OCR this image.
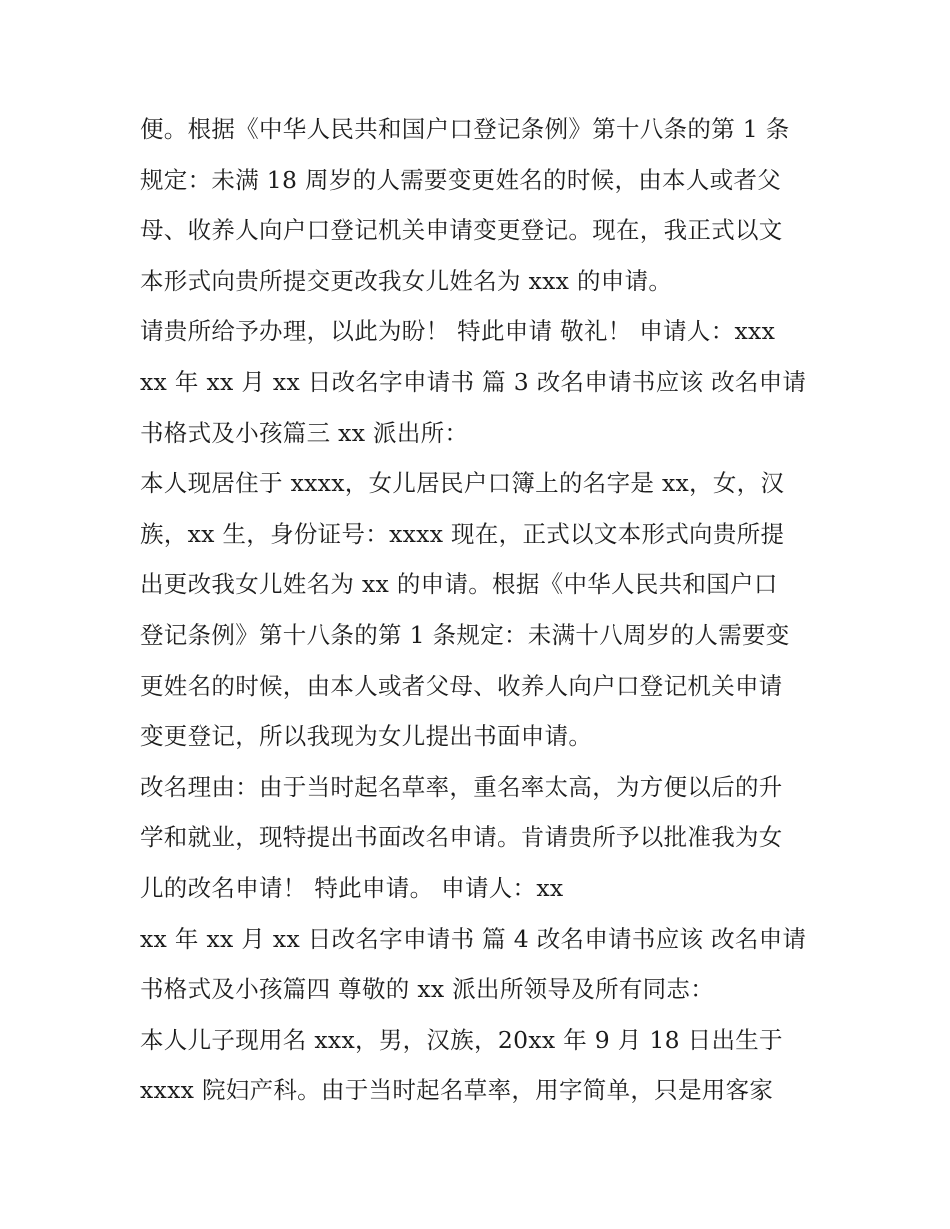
便。根据《中华人民共和国户口登记条例》第十八条的第 1 条
规定：未满 18 周岁的人需要变更姓名的时候，由本人或者父
母、收养人向户口登记机关申请变更登记。现在，我正式以文
本形式向贵所提交更改我女儿姓名为 xxx 的申请。
请贵所给予办理，以此为盼！ 特此申请 敬礼！ 申请人：xxx
xx 年 xx 月 xx 日改名字申请书 篇 3 改名申请书应该 改名申请
书格式及小孩篇三 xx 派出所：
本人现居住于 xxxx，女儿居民户口簿上的名字是 xx，女，汉
族，xx 生，身份证号：xxxx 现在，正式以文本形式向贵所提
出更改我女儿姓名为 xx 的申请。根据《中华人民共和国户口
登记条例》第十八条的第 1 条规定：未满十八周岁的人需要变
更姓名的时候，由本人或者父母、收养人向户口登记机关申请
变更登记，所以我现为女儿提出书面申请。
改名理由：由于当时起名草率，重名率太高，为方便以后的升
学和就业，现特提出书面改名申请。肯请贵所予以批准我为女
儿的改名申请！ 特此申请。 申请人：xx
xx 年 xx 月 xx 日改名字申请书 篇 4 改名申请书应该 改名申请
书格式及小孩篇四 尊敬的 xx 派出所领导及所有同志：
本人儿子现用名 xxx，男，汉族，20xx 年 9 月 18 日出生于
xxxx 院妇产科。由于当时起名草率，用字简单，只是用客家
